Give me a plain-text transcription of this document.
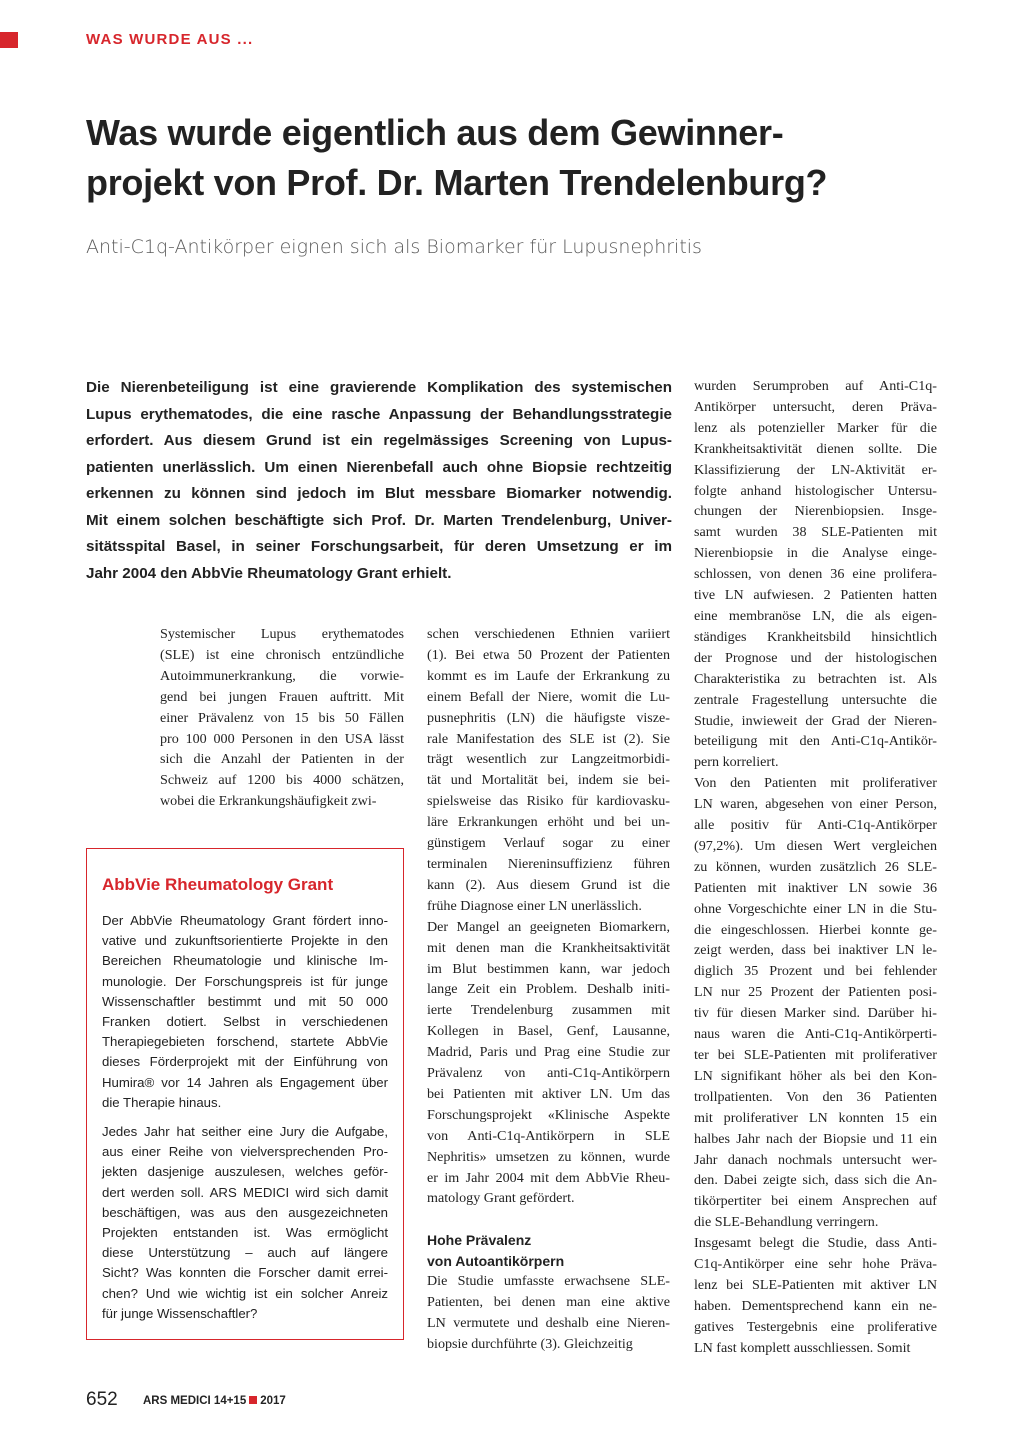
WAS WURDE AUS ...
Was wurde eigentlich aus dem Gewinner-
projekt von Prof. Dr. Marten Trendelenburg?
Anti-C1q-Antikörper eignen sich als Biomarker für Lupusnephritis
Die Nierenbeteiligung ist eine gravierende Komplikation des systemischen
Lupus erythematodes, die eine rasche Anpassung der Behandlungsstrategie
erfordert. Aus diesem Grund ist ein regelmässiges Screening von Lupus-
patienten unerlässlich. Um einen Nierenbefall auch ohne Biopsie rechtzeitig
erkennen zu können sind jedoch im Blut messbare Biomarker notwendig.
Mit einem solchen beschäftigte sich Prof. Dr. Marten Trendelenburg, Univer-
sitätsspital Basel, in seiner Forschungsarbeit, für deren Umsetzung er im
Jahr 2004 den AbbVie Rheumatology Grant erhielt.
Systemischer Lupus erythematodes
(SLE) ist eine chronisch entzündliche
Autoimmunerkrankung, die vorwie-
gend bei jungen Frauen auftritt. Mit
einer Prävalenz von 15 bis 50 Fällen
pro 100 000 Personen in den USA lässt
sich die Anzahl der Patienten in der
Schweiz auf 1200 bis 4000 schätzen,
wobei die Erkrankungshäufigkeit zwi-
AbbVie Rheumatology Grant
Der AbbVie Rheumatology Grant fördert inno-
vative und zukunftsorientierte Projekte in den
Bereichen Rheumatologie und klinische Im-
munologie. Der Forschungspreis ist für junge
Wissenschaftler bestimmt und mit 50 000
Franken dotiert. Selbst in verschiedenen
Therapiegebieten forschend, startete AbbVie
dieses Förderprojekt mit der Einführung von
Humira® vor 14 Jahren als Engagement über
die Therapie hinaus.
Jedes Jahr hat seither eine Jury die Aufgabe,
aus einer Reihe von vielversprechenden Pro-
jekten dasjenige auszulesen, welches geför-
dert werden soll. ARS MEDICI wird sich damit
beschäftigen, was aus den ausgezeichneten
Projekten entstanden ist. Was ermöglicht
diese Unterstützung – auch auf längere
Sicht? Was konnten die Forscher damit errei-
chen? Und wie wichtig ist ein solcher Anreiz
für junge Wissenschaftler?
schen verschiedenen Ethnien variiert
(1). Bei etwa 50 Prozent der Patienten
kommt es im Laufe der Erkrankung zu
einem Befall der Niere, womit die Lu-
pusnephritis (LN) die häufigste visze-
rale Manifestation des SLE ist (2). Sie
trägt wesentlich zur Langzeitmorbidi-
tät und Mortalität bei, indem sie bei-
spielsweise das Risiko für kardiovasku-
läre Erkrankungen erhöht und bei un-
günstigem Verlauf sogar zu einer
terminalen Niereninsuffizienz führen
kann (2). Aus diesem Grund ist die
frühe Diagnose einer LN unerlässlich.
Der Mangel an geeigneten Biomarkern,
mit denen man die Krankheitsaktivität
im Blut bestimmen kann, war jedoch
lange Zeit ein Problem. Deshalb initi-
ierte Trendelenburg zusammen mit
Kollegen in Basel, Genf, Lausanne,
Madrid, Paris und Prag eine Studie zur
Prävalenz von anti-C1q-Antikörpern
bei Patienten mit aktiver LN. Um das
Forschungsprojekt «Klinische Aspekte
von Anti-C1q-Antikörpern in SLE
Nephritis» umsetzen zu können, wurde
er im Jahr 2004 mit dem AbbVie Rheu-
matology Grant gefördert.
Hohe Prävalenz
von Autoantikörpern
Die Studie umfasste erwachsene SLE-
Patienten, bei denen man eine aktive
LN vermutete und deshalb eine Nieren-
biopsie durchführte (3). Gleichzeitig
wurden Serumproben auf Anti-C1q-
Antikörper untersucht, deren Präva-
lenz als potenzieller Marker für die
Krankheitsaktivität dienen sollte. Die
Klassifizierung der LN-Aktivität er-
folgte anhand histologischer Untersu-
chungen der Nierenbiopsien. Insge-
samt wurden 38 SLE-Patienten mit
Nierenbiopsie in die Analyse einge-
schlossen, von denen 36 eine prolifera-
tive LN aufwiesen. 2 Patienten hatten
eine membranöse LN, die als eigen-
ständiges Krankheitsbild hinsichtlich
der Prognose und der histologischen
Charakteristika zu betrachten ist. Als
zentrale Fragestellung untersuchte die
Studie, inwieweit der Grad der Nieren-
beteiligung mit den Anti-C1q-Antikör-
pern korreliert.
Von den Patienten mit proliferativer
LN waren, abgesehen von einer Person,
alle positiv für Anti-C1q-Antikörper
(97,2%). Um diesen Wert vergleichen
zu können, wurden zusätzlich 26 SLE-
Patienten mit inaktiver LN sowie 36
ohne Vorgeschichte einer LN in die Stu-
die eingeschlossen. Hierbei konnte ge-
zeigt werden, dass bei inaktiver LN le-
diglich 35 Prozent und bei fehlender
LN nur 25 Prozent der Patienten posi-
tiv für diesen Marker sind. Darüber hi-
naus waren die Anti-C1q-Antikörperti-
ter bei SLE-Patienten mit proliferativer
LN signifikant höher als bei den Kon-
trollpatienten. Von den 36 Patienten
mit proliferativer LN konnten 15 ein
halbes Jahr nach der Biopsie und 11 ein
Jahr danach nochmals untersucht wer-
den. Dabei zeigte sich, dass sich die An-
tikörpertiter bei einem Ansprechen auf
die SLE-Behandlung verringern.
Insgesamt belegt die Studie, dass Anti-
C1q-Antikörper eine sehr hohe Präva-
lenz bei SLE-Patienten mit aktiver LN
haben. Dementsprechend kann ein ne-
gatives Testergebnis eine proliferative
LN fast komplett ausschliessen. Somit
652 ARS MEDICI 14+15 2017
